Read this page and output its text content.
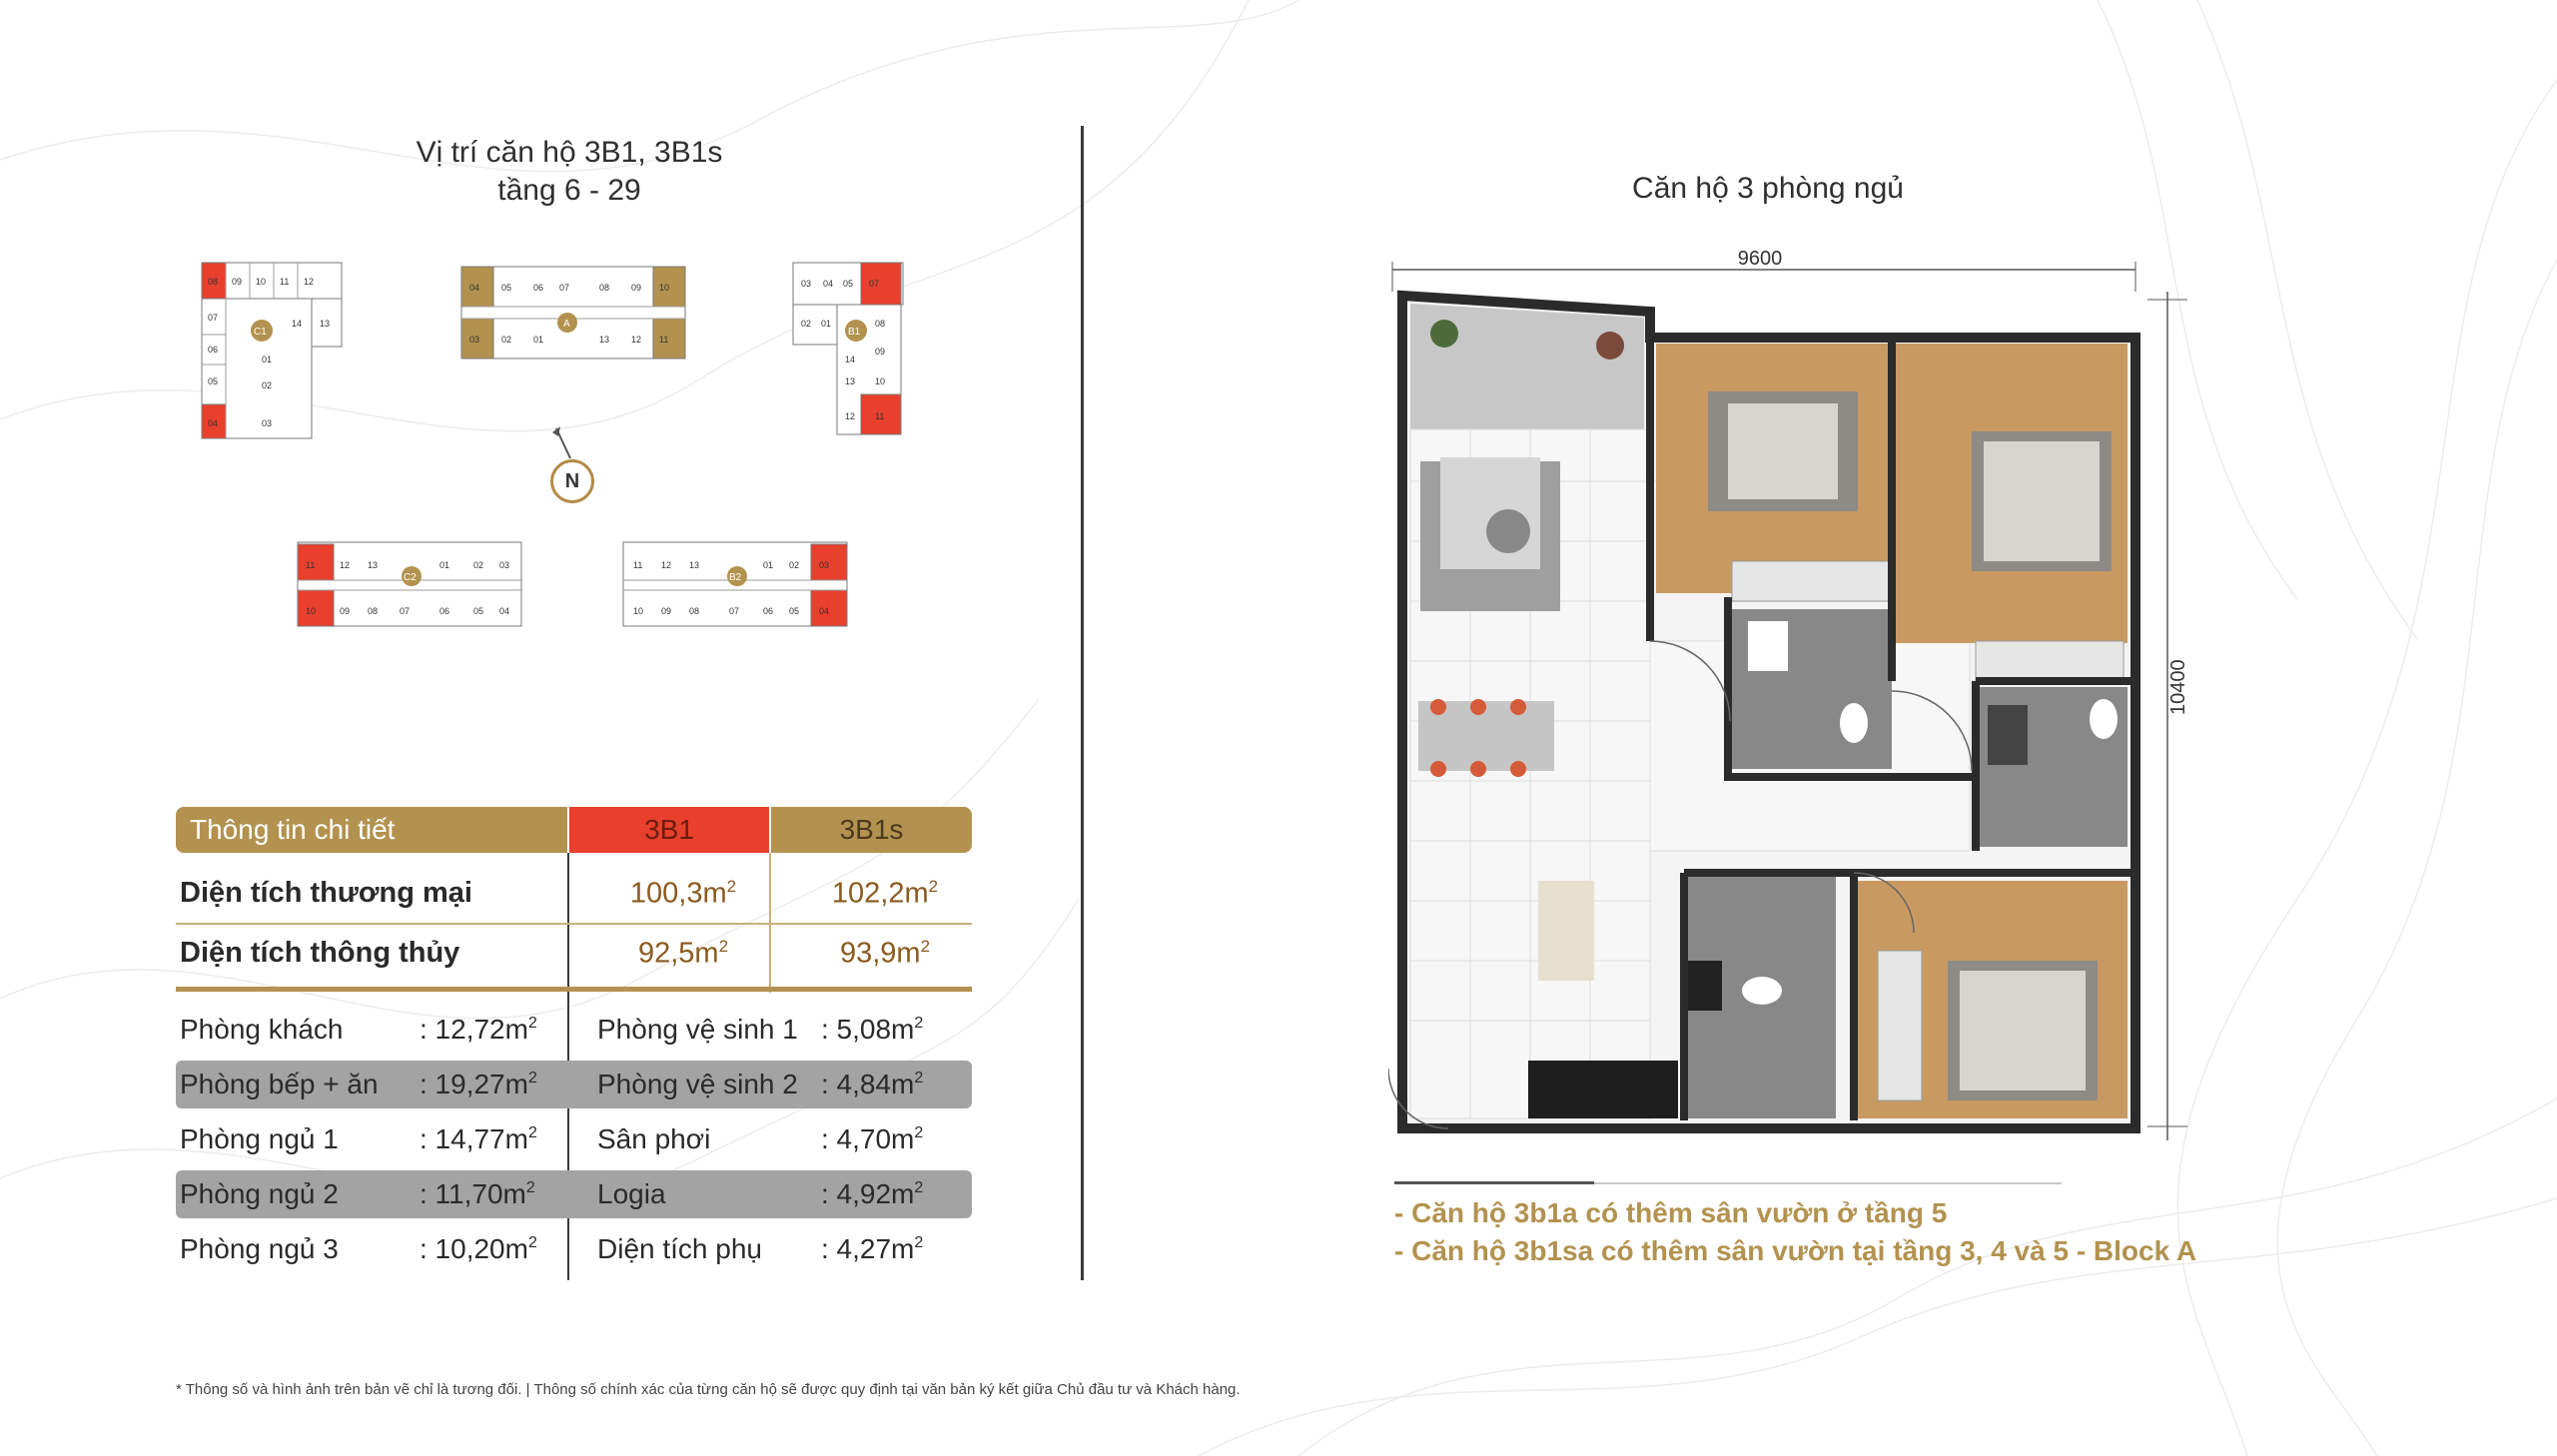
Vị trí căn hộ 3B1, 3B1s
tầng 6 - 29
C1
08 09 10 11 12
07
14 13
06
01
05	02
04	03
A
04 05 06 07	08 09 10
03 02 01	13 12 11
B1
03 04 05 07
02 01	08
09
14
13 10
12 11
C2
11	12 13	01	02 03
10	09 08 07	06	05 04
B2
11 12 13	01 02 03
10 09 08	07	06 05 04
N
Thông tin chi tiết	3B1	3B1s
Diện tích thương mại	$100,3m^2$	$102,2m^2$
Diện tích thông thủy	$92,5m^2$	$93,9m^2$
Phòng khách	: $12,72m^2$ Phòng vệ sinh 1 : $5,08m^2$
Phòng bếp + ăn : $19,27m^2$ Phòng vệ sinh 2 : $4,84m^2$
Phòng ngủ 1	: $14,77m^2$ Sân phơi	: $4,70m^2$
Phòng ngủ 2	: $11,70m^2$ Logia	: $4,92m^2$
Phòng ngủ 3	: $10,20m^2$ Diện tích phụ : $4,27m^2$
Căn hộ 3 phòng ngủ
9600
10400
- Căn hộ 3b1a có thêm sân vườn ở tầng 5
- Căn hộ 3b1sa có thêm sân vườn tại tầng 3, 4 và 5 - Block A
* Thông số và hình ảnh trên bản vẽ chỉ là tương đối. | Thông số chính xác của từng căn hộ sẽ được quy định tại văn bản ký kết giữa Chủ đầu tư và Khách hàng.
